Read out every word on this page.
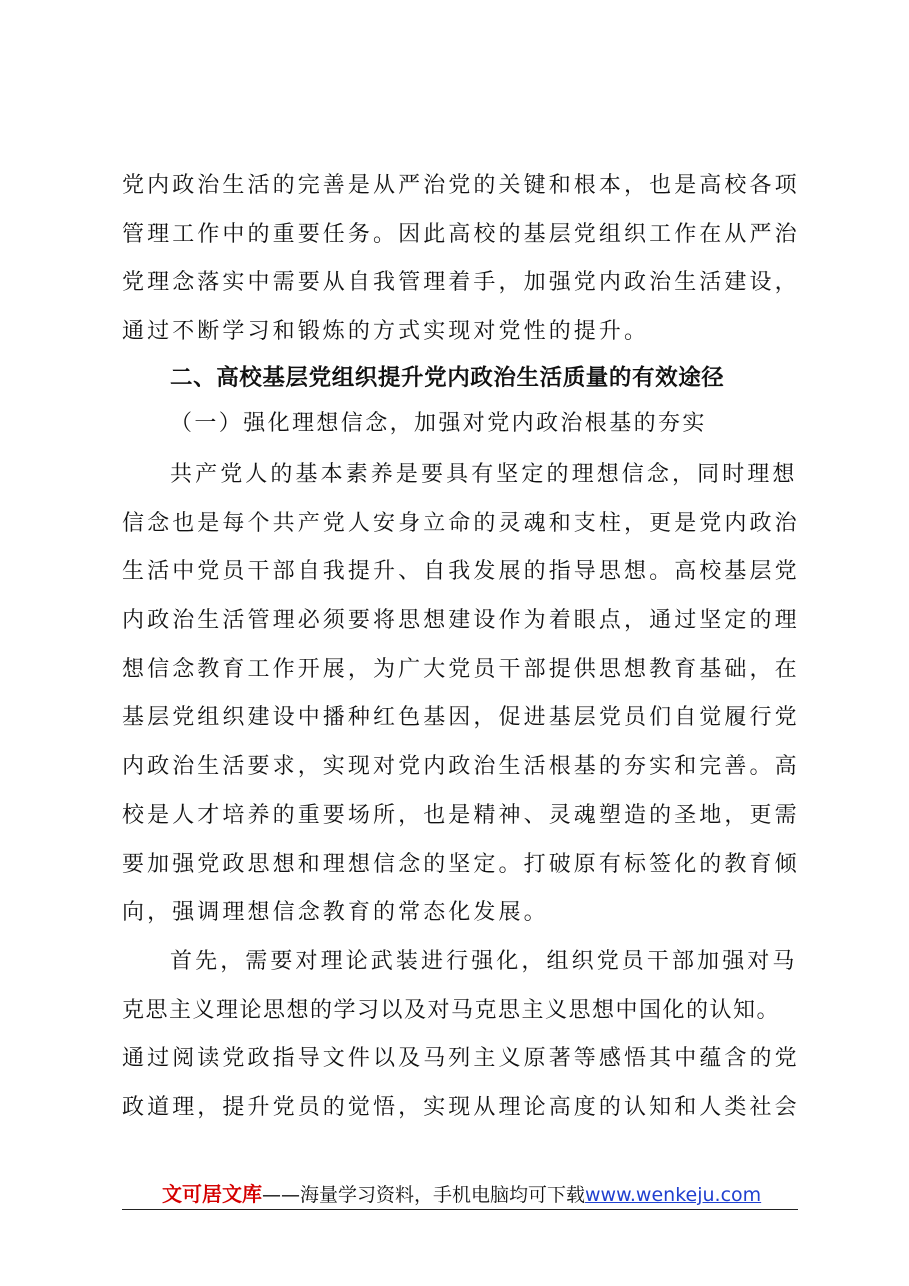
党内政治生活的完善是从严治党的关键和根本，也是高校各项
管理工作中的重要任务。因此高校的基层党组织工作在从严治
党理念落实中需要从自我管理着手，加强党内政治生活建设，
通过不断学习和锻炼的方式实现对党性的提升。
二、高校基层党组织提升党内政治生活质量的有效途径
（一）强化理想信念，加强对党内政治根基的夯实
共产党人的基本素养是要具有坚定的理想信念，同时理想
信念也是每个共产党人安身立命的灵魂和支柱，更是党内政治
生活中党员干部自我提升、自我发展的指导思想。高校基层党
内政治生活管理必须要将思想建设作为着眼点，通过坚定的理
想信念教育工作开展，为广大党员干部提供思想教育基础，在
基层党组织建设中播种红色基因，促进基层党员们自觉履行党
内政治生活要求，实现对党内政治生活根基的夯实和完善。高
校是人才培养的重要场所，也是精神、灵魂塑造的圣地，更需
要加强党政思想和理想信念的坚定。打破原有标签化的教育倾
向，强调理想信念教育的常态化发展。
首先，需要对理论武装进行强化，组织党员干部加强对马
克思主义理论思想的学习以及对马克思主义思想中国化的认知。
通过阅读党政指导文件以及马列主义原著等感悟其中蕴含的党
政道理，提升党员的觉悟，实现从理论高度的认知和人类社会
文可居文库——海量学习资料，手机电脑均可下载www.wenkeju.com
